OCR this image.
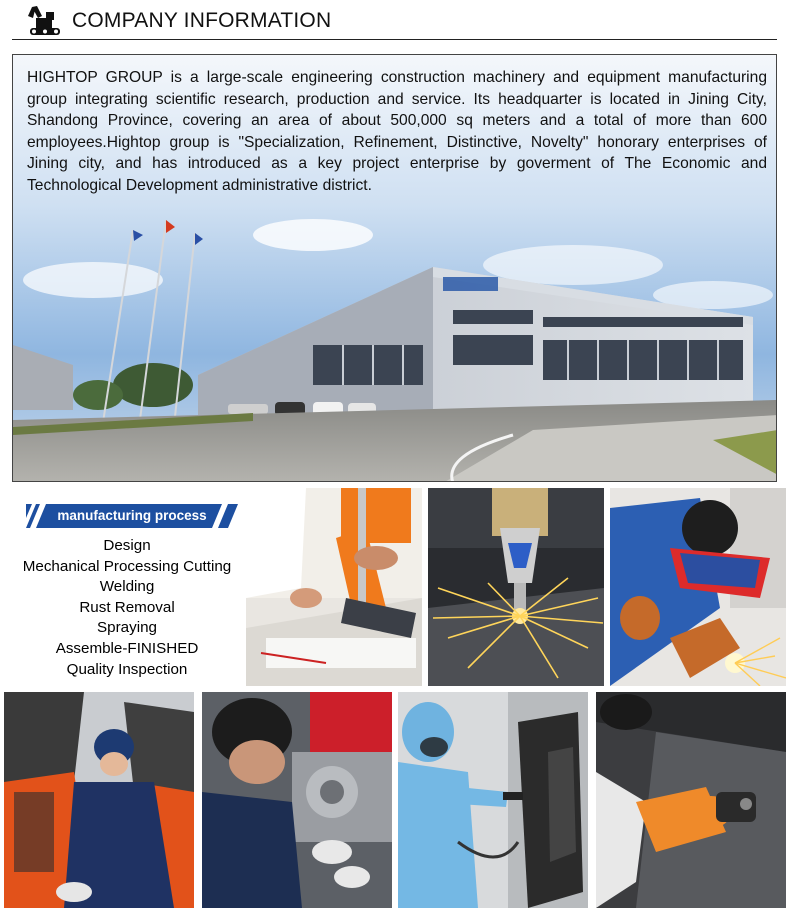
COMPANY INFORMATION

HIGHTOP GROUP is a large-scale engineering construction machinery and equipment manufacturing group integrating scientific research, production and service. Its headquarter is located in Jining City, Shandong Province, covering an area of about 500,000 sq meters and a total of more than 600 employees.Hightop group is "Specialization, Refinement, Distinctive, Novelty" honorary enterprises of Jining city, and has introduced as a key project enterprise by goverment of The Economic and Technological Development administrative district.

manufacturing process
Design
Mechanical Processing Cutting
Welding
Rust Removal
Spraying
Assemble-FINISHED
Quality Inspection
